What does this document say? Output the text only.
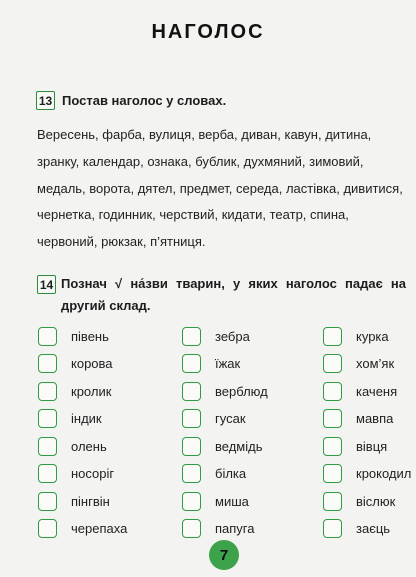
НАГОЛОС
13 Постав наголос у словах.
Вересень, фарба, вулиця, верба, диван, кавун, дитина,
зранку, календар, ознака, бублик, духмяний, зимовий,
медаль, ворота, дятел, предмет, середа, ластівка, дивитися,
чернетка, годинник, черствий, кидати, театр, спина,
червоний, рюкзак, п’ятниця.
14 Познач √ на́зви тварин, у яких наголос падає на другий склад.
півень
корова
кролик
індик
олень
носоріг
пінгвін
черепаха
зебра
їжак
верблюд
гусак
ведмідь
білка
миша
папуга
курка
хом’як
каченя
мавпа
вівця
крокодил
віслюк
заєць
7
